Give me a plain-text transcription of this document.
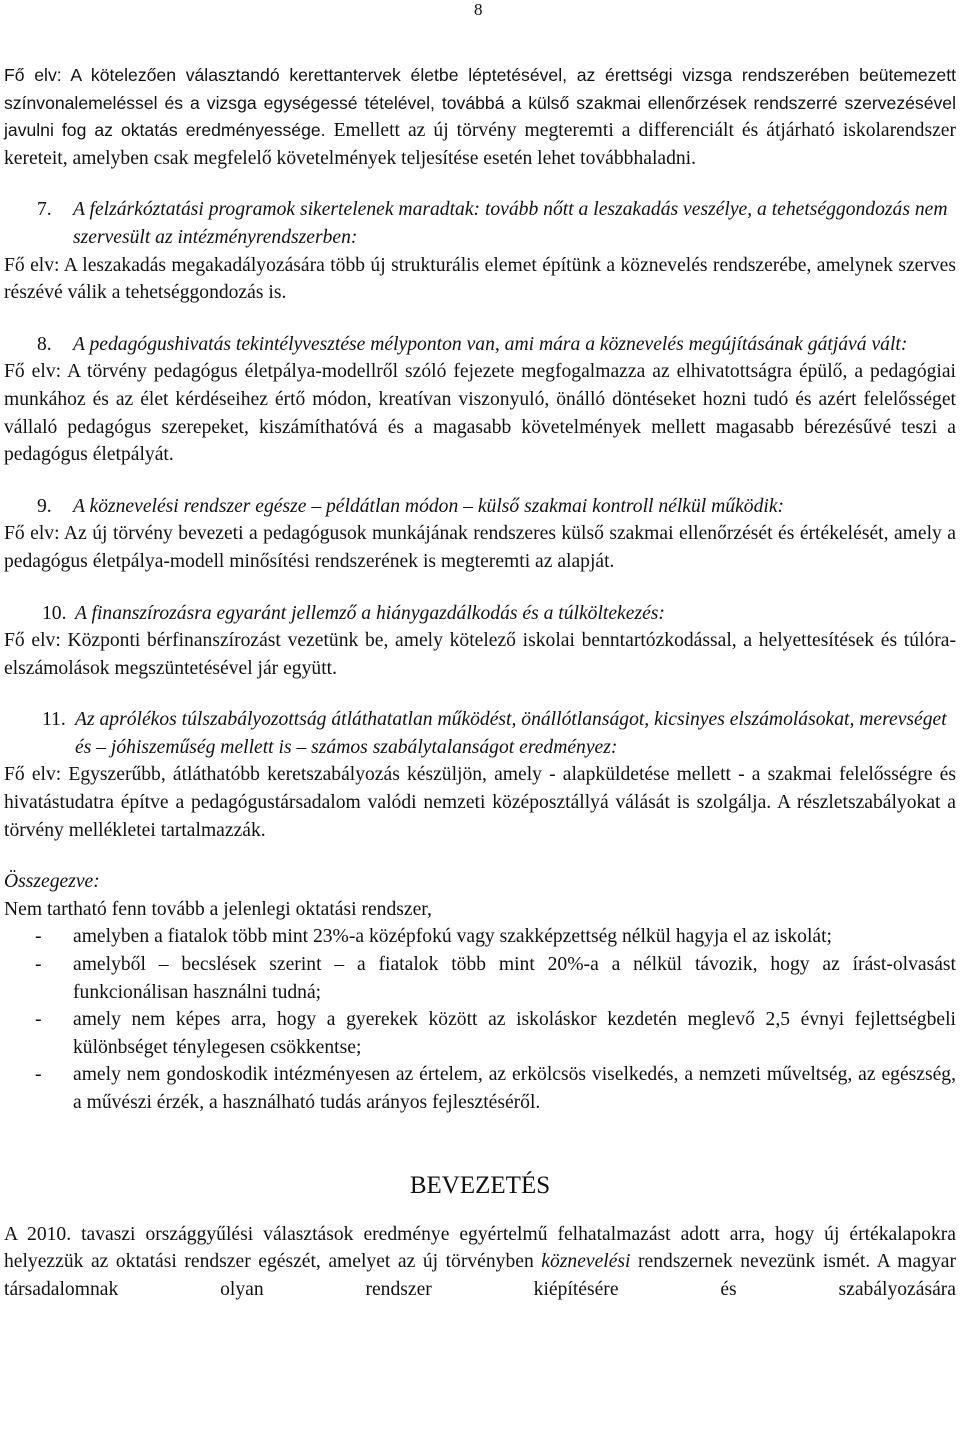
8

Fő elv: A kötelezően választandó kerettantervek életbe léptetésével, az érettségi vizsga rendszerében beütemezett színvonalemeléssel és a vizsga egységessé tételével, továbbá a külső szakmai ellenőrzések rendszerré szervezésével javulni fog az oktatás eredményessége. Emellett az új törvény megteremti a differenciált és átjárható iskolarendszer kereteit, amelyben csak megfelelő követelmények teljesítése esetén lehet továbbhaladni.

7. A felzárkóztatási programok sikertelenek maradtak: tovább nőtt a leszakadás veszélye, a tehetséggondozás nem szervesült az intézményrendszerben:

Fő elv: A leszakadás megakadályozására több új strukturális elemet építünk a köznevelés rendszerébe, amelynek szerves részévé válik a tehetséggondozás is.

8. A pedagógushivatás tekintélyvesztése mélyponton van, ami mára a köznevelés megújításának gátjává vált:

Fő elv: A törvény pedagógus életpálya-modellről szóló fejezete megfogalmazza az elhivatottságra épülő, a pedagógiai munkához és az élet kérdéseihez értő módon, kreatívan viszonyuló, önálló döntéseket hozni tudó és azért felelősséget vállaló pedagógus szerepeket, kiszámíthatóvá és a magasabb követelmények mellett magasabb bérezésűvé teszi a pedagógus életpályát.

9. A köznevelési rendszer egésze – példátlan módon – külső szakmai kontroll nélkül működik:

Fő elv: Az új törvény bevezeti a pedagógusok munkájának rendszeres külső szakmai ellenőrzését és értékelését, amely a pedagógus életpálya-modell minősítési rendszerének is megteremti az alapját.

10. A finanszírozásra egyaránt jellemző a hiánygazdálkodás és a túlköltekezés:

Fő elv: Központi bérfinanszírozást vezetünk be, amely kötelező iskolai benntartózkodással, a helyettesítések és túlóra-elszámolások megszüntetésével jár együtt.

11. Az aprólékos túlszabályozottság átláthatatlan működést, önállótlanságot, kicsinyes elszámolásokat, merevséget és – jóhiszeműség mellett is – számos szabálytalanságot eredményez:

Fő elv: Egyszerűbb, átláthatóbb keretszabályozás készüljön, amely - alapküldetése mellett - a szakmai felelősségre és hivatástudatra építve a pedagógustársadalom valódi nemzeti középosztállyá válását is szolgálja. A részletszabályokat a törvény mellékletei tartalmazzák.

Összegezve:

Nem tartható fenn tovább a jelenlegi oktatási rendszer,

- amelyben a fiatalok több mint 23%-a középfokú vagy szakképzettség nélkül hagyja el az iskolát;
- amelyből – becslések szerint – a fiatalok több mint 20%-a a nélkül távozik, hogy az írást-olvasást funkcionálisan használni tudná;
- amely nem képes arra, hogy a gyerekek között az iskoláskor kezdetén meglevő 2,5 évnyi fejlettségbeli különbséget ténylegesen csökkentse;
- amely nem gondoskodik intézményesen az értelem, az erkölcsös viselkedés, a nemzeti műveltség, az egészség, a művészi érzék, a használható tudás arányos fejlesztéséről.
BEVEZETÉS

A 2010. tavaszi országgyűlési választások eredménye egyértelmű felhatalmazást adott arra, hogy új értékalapokra helyezzük az oktatási rendszer egészét, amelyet az új törvényben köznevelési rendszernek nevezünk ismét. A magyar társadalomnak olyan rendszer kiépítésére és szabályozására
